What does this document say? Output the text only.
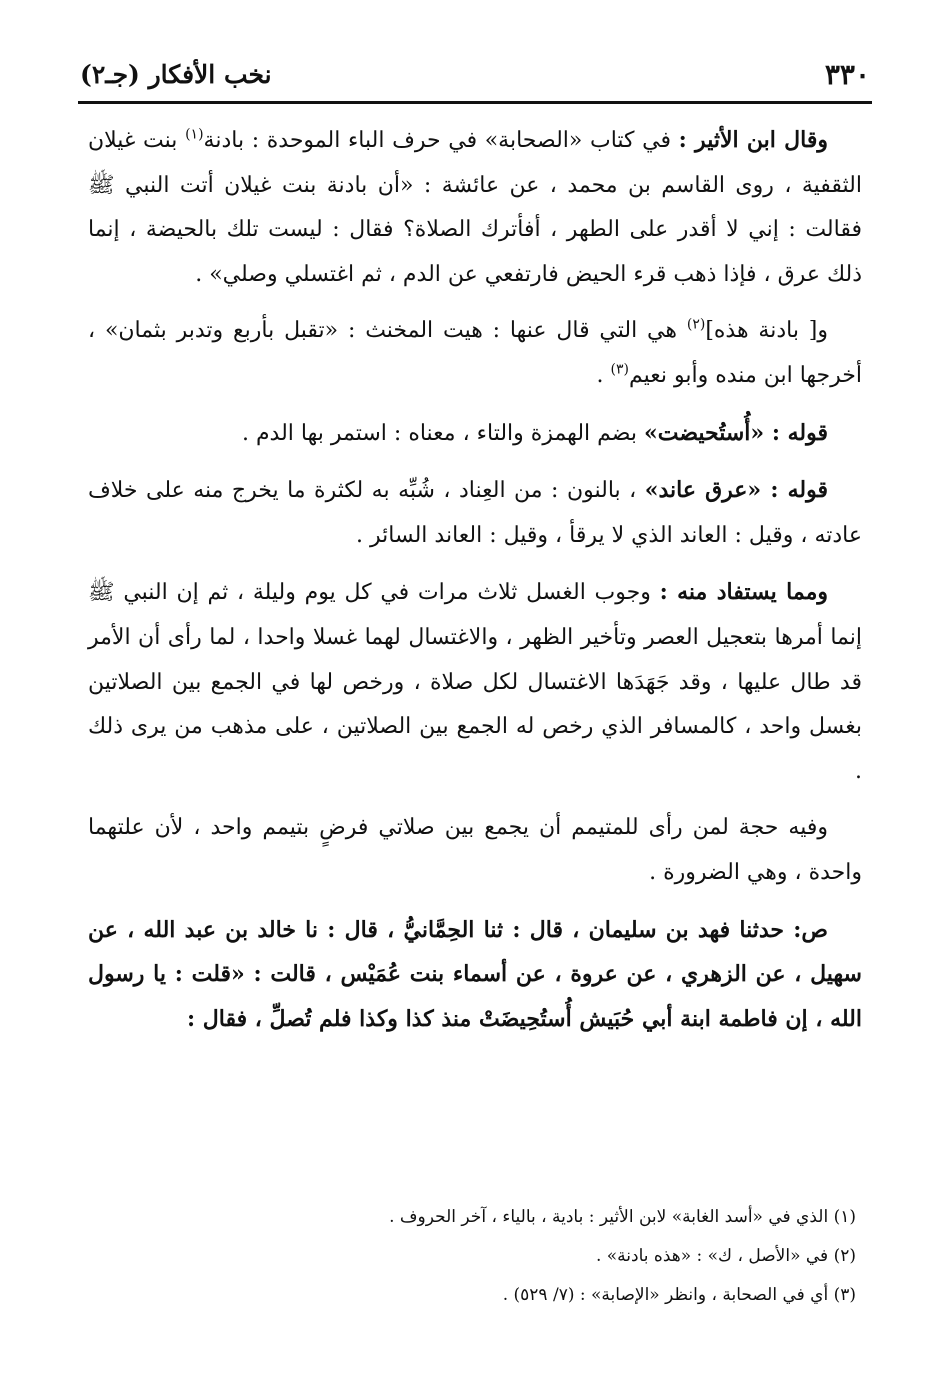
٣٣٠
نخب الأفكار (جـ٢)

وقال ابن الأثير : في كتاب «الصحابة» في حرف الباء الموحدة : بادنة$^{(١)}$ بنت غيلان الثقفية ، روى القاسم بن محمد ، عن عائشة : «أن بادنة بنت غيلان أتت النبي ﷺ فقالت : إني لا أقدر على الطهر ، أفأترك الصلاة؟ فقال : ليست تلك بالحيضة ، إنما ذلك عرق ، فإذا ذهب قرء الحيض فارتفعي عن الدم ، ثم اغتسلي وصلي» .

و[ بادنة هذه]$^{(٢)}$ هي التي قال عنها : هيت المخنث : «تقبل بأربع وتدبر بثمان» ، أخرجها ابن منده وأبو نعيم$^{(٣)}$ .

قوله : «أُستُحيضت» بضم الهمزة والتاء ، معناه : استمر بها الدم .

قوله : «عرق عاند» ، بالنون : من العِناد ، شُبِّه به لكثرة ما يخرج منه على خلاف عادته ، وقيل : العاند الذي لا يرقأ ، وقيل : العاند السائر .

ومما يستفاد منه : وجوب الغسل ثلاث مرات في كل يوم وليلة ، ثم إن النبي ﷺ إنما أمرها بتعجيل العصر وتأخير الظهر ، والاغتسال لهما غسلا واحدا ، لما رأى أن الأمر قد طال عليها ، وقد جَهَدَها الاغتسال لكل صلاة ، ورخص لها في الجمع بين الصلاتين بغسل واحد ، كالمسافر الذي رخص له الجمع بين الصلاتين ، على مذهب من يرى ذلك .

وفيه حجة لمن رأى للمتيمم أن يجمع بين صلاتي فرضٍ بتيمم واحد ، لأن علتهما واحدة ، وهي الضرورة .

ص: حدثنا فهد بن سليمان ، قال : ثنا الحِمَّانيُّ ، قال : نا خالد بن عبد الله ، عن سهيل ، عن الزهري ، عن عروة ، عن أسماء بنت عُمَيْس ، قالت : «قلت : يا رسول الله ، إن فاطمة ابنة أبي حُبَيش أُستُحِيضَتْ منذ كذا وكذا فلم تُصلِّ ، فقال :

(١) الذي في «أسد الغابة» لابن الأثير : بادية ، بالياء ، آخر الحروف .

(٢) في «الأصل ، ك» : «هذه بادنة» .

(٣) أي في الصحابة ، وانظر «الإصابة» : (٧/ ٥٢٩) .
